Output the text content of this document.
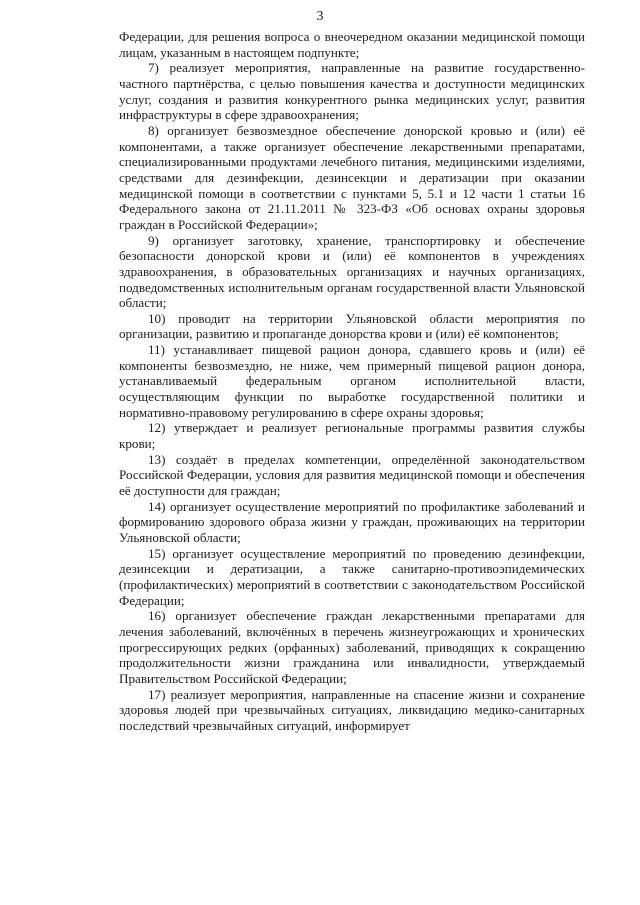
3

Федерации, для решения вопроса о внеочередном оказании медицинской помощи лицам, указанным в настоящем подпункте;

7) реализует мероприятия, направленные на развитие государственно-частного партнёрства, с целью повышения качества и доступности медицинских услуг, создания и развития конкурентного рынка медицинских услуг, развития инфраструктуры в сфере здравоохранения;

8) организует безвозмездное обеспечение донорской кровью и (или) её компонентами, а также организует обеспечение лекарственными препаратами, специализированными продуктами лечебного питания, медицинскими изделиями, средствами для дезинфекции, дезинсекции и дератизации при оказании медицинской помощи в соответствии с пунктами 5, 5.1 и 12 части 1 статьи 16 Федерального закона от 21.11.2011 № 323-ФЗ «Об основах охраны здоровья граждан в Российской Федерации»;

9) организует заготовку, хранение, транспортировку и обеспечение безопасности донорской крови и (или) её компонентов в учреждениях здравоохранения, в образовательных организациях и научных организациях, подведомственных исполнительным органам государственной власти Ульяновской области;

10) проводит на территории Ульяновской области мероприятия по организации, развитию и пропаганде донорства крови и (или) её компонентов;

11) устанавливает пищевой рацион донора, сдавшего кровь и (или) её компоненты безвозмездно, не ниже, чем примерный пищевой рацион донора, устанавливаемый федеральным органом исполнительной власти, осуществляющим функции по выработке государственной политики и нормативно-правовому регулированию в сфере охраны здоровья;

12) утверждает и реализует региональные программы развития службы крови;

13) создаёт в пределах компетенции, определённой законодательством Российской Федерации, условия для развития медицинской помощи и обеспечения её доступности для граждан;

14) организует осуществление мероприятий по профилактике заболеваний и формированию здорового образа жизни у граждан, проживающих на территории Ульяновской области;

15) организует осуществление мероприятий по проведению дезинфекции, дезинсекции и дератизации, а также санитарно-противоэпидемических (профилактических) мероприятий в соответствии с законодательством Российской Федерации;

16) организует обеспечение граждан лекарственными препаратами для лечения заболеваний, включённых в перечень жизнеугрожающих и хронических прогрессирующих редких (орфанных) заболеваний, приводящих к сокращению продолжительности жизни гражданина или инвалидности, утверждаемый Правительством Российской Федерации;

17) реализует мероприятия, направленные на спасение жизни и сохранение здоровья людей при чрезвычайных ситуациях, ликвидацию медико-санитарных последствий чрезвычайных ситуаций, информирует
